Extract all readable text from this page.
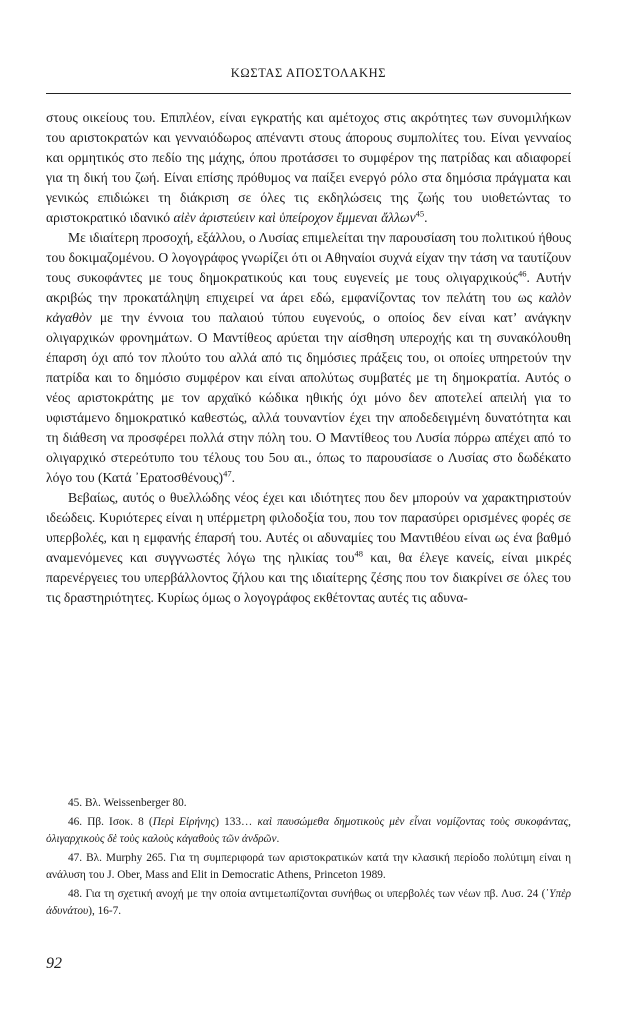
ΚΩΣΤΑΣ ΑΠΟΣΤΟΛΑΚΗΣ

στους οικείους του. Επιπλέον, είναι εγκρατής και αμέτοχος στις ακρότητες των συνομιλήκων του αριστοκρατών και γενναιόδωρος απέναντι στους άπορους συμπολίτες του. Είναι γενναίος και ορμητικός στο πεδίο της μάχης, όπου προτάσσει το συμφέρον της πατρίδας και αδιαφορεί για τη δική του ζωή. Είναι επίσης πρόθυμος να παίξει ενεργό ρόλο στα δημόσια πράγματα και γενικώς επιδιώκει τη διάκριση σε όλες τις εκδηλώσεις της ζωής του υιοθετώντας το αριστοκρατικό ιδανικό αἰὲν ἀριστεύειν καὶ ὑπείροχον ἔμμεναι ἄλλων$^{45}$.

Με ιδιαίτερη προσοχή, εξάλλου, ο Λυσίας επιμελείται την παρουσίαση του πολιτικού ήθους του δοκιμαζομένου. Ο λογογράφος γνωρίζει ότι οι Αθηναίοι συχνά είχαν την τάση να ταυτίζουν τους συκοφάντες με τους δημοκρατικούς και τους ευγενείς με τους ολιγαρχικούς$^{46}$. Αυτήν ακριβώς την προκατάληψη επιχειρεί να άρει εδώ, εμφανίζοντας τον πελάτη του ως καλὸν κἀγαθὸν με την έννοια του παλαιού τύπου ευγενούς, ο οποίος δεν είναι κατ’ ανάγκην ολιγαρχικών φρονημάτων. Ο Μαντίθεος αρύεται την αίσθηση υπεροχής και τη συνακόλουθη έπαρση όχι από τον πλούτο του αλλά από τις δημόσιες πράξεις του, οι οποίες υπηρετούν την πατρίδα και το δημόσιο συμφέρον και είναι απολύτως συμβατές με τη δημοκρατία. Αυτός ο νέος αριστοκράτης με τον αρχαϊκό κώδικα ηθικής όχι μόνο δεν αποτελεί απειλή για το υφιστάμενο δημοκρατικό καθεστώς, αλλά τουναντίον έχει την αποδεδειγμένη δυνατότητα και τη διάθεση να προσφέρει πολλά στην πόλη του. Ο Μαντίθεος του Λυσία πόρρω απέχει από το ολιγαρχικό στερεότυπο του τέλους του 5ου αι., όπως το παρουσίασε ο Λυσίας στο δωδέκατο λόγο του (Κατά ᾿Ερατοσθένους)$^{47}$.

Βεβαίως, αυτός ο θυελλώδης νέος έχει και ιδιότητες που δεν μπορούν να χαρακτηριστούν ιδεώδεις. Κυριότερες είναι η υπέρμετρη φιλοδοξία του, που τον παρασύρει ορισμένες φορές σε υπερβολές, και η εμφανής έπαρσή του. Αυτές οι αδυναμίες του Μαντιθέου είναι ως ένα βαθμό αναμενόμενες και συγγνωστές λόγω της ηλικίας του$^{48}$ και, θα έλεγε κανείς, είναι μικρές παρενέργειες του υπερβάλλοντος ζήλου και της ιδιαίτερης ζέσης που τον διακρίνει σε όλες του τις δραστηριότητες. Κυρίως όμως ο λογογράφος εκθέτοντας αυτές τις αδυνα-

45. Βλ. Weissenberger 80.

46. Πβ. Ισοκ. 8 (Περὶ Εἰρήνης) 133… καὶ παυσώμεθα δημοτικοὺς μὲν εἶναι νομίζοντας τοὺς συκοφάντας, ὀλιγαρχικοὺς δὲ τοὺς καλοὺς κἀγαθοὺς τῶν ἀνδρῶν.

47. Βλ. Murphy 265. Για τη συμπεριφορά των αριστοκρατικών κατά την κλασική περίοδο πολύτιμη είναι η ανάλυση του J. Ober, Mass and Elit in Democratic Athens, Princeton 1989.

48. Για τη σχετική ανοχή με την οποία αντιμετωπίζονται συνήθως οι υπερβολές των νέων πβ. Λυσ. 24 (῾Υπὲρ ἀδυνάτου), 16-7.

92
